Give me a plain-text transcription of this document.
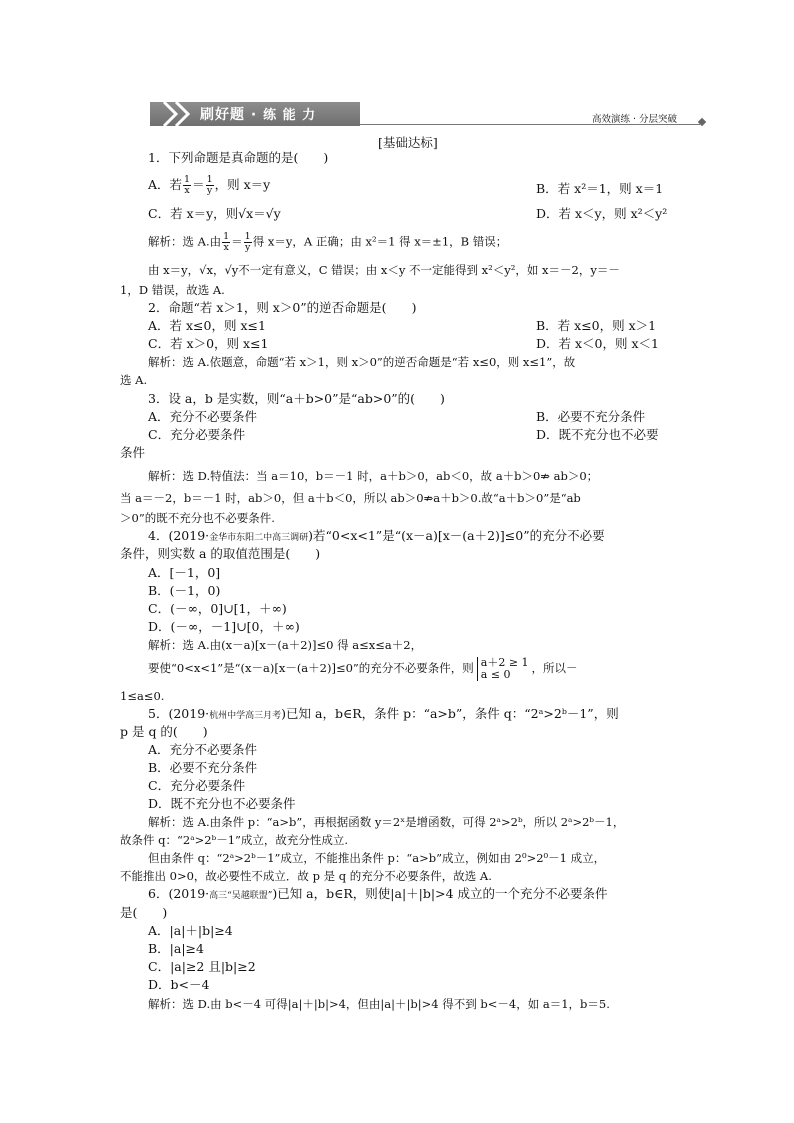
刷好题 · 练 能 力	高效演练 · 分层突破
[基础达标]
1．下列命题是真命题的是(　　)
A．若 $\frac{1}{x} = \frac{1}{y}$ ，则 x＝y	B．若 x²＝1，则 x＝1
C．若 x＝y，则√x＝√y	D．若 x＜y，则 x²＜y²
解析：选 A.由 $\frac{1}{x} = \frac{1}{y}$ 得 x＝y，A 正确；由 x²＝1 得 x＝±1，B 错误；
由 x＝y，√x，√y不一定有意义，C 错误；由 x＜y 不一定能得到 x²＜y²，如 x＝－2，y＝－
1，D 错误，故选 A.
2．命题“若 x＞1，则 x＞0”的逆否命题是(　　)
A．若 x≤0，则 x≤1	B．若 x≤0，则 x＞1
C．若 x＞0，则 x≤1	D．若 x＜0，则 x＜1
解析：选 A.依题意，命题“若 x＞1，则 x＞0”的逆否命题是“若 x≤0，则 x≤1”，故
选 A.
3．设 a，b 是实数，则“a＋b>0”是“ab>0”的(　　)
A．充分不必要条件	B．必要不充分条件
C．充分必要条件	D．既不充分也不必要
条件
解析：选 D.特值法：当 a＝10，b＝－1 时，a＋b＞0，ab＜0，故 a＋b＞0⇏ ab＞0；
当 a＝－2，b＝－1 时，ab＞0，但 a＋b＜0，所以 ab＞0⇏a＋b＞0.故“a＋b＞0”是“ab
＞0”的既不充分也不必要条件.
4．(2019·金华市东阳二中高三调研)若“0<x<1”是“(x－a)[x－(a＋2)]≤0”的充分不必要
条件，则实数 a 的取值范围是(　　)
A．[－1，0]
B．(－1，0)
C．(－∞，0]∪[1，＋∞)
D．(－∞，－1]∪[0，＋∞)
解析：选 A.由(x－a)[x－(a＋2)]≤0 得 a≤x≤a＋2，
要使“0<x<1”是“(x－a)[x－(a＋2)]≤0”的充分不必要条件，则 a＋2 ≥ 1
a ≤ 0	，所以－
1≤a≤0.
5．(2019·杭州中学高三月考)已知 a，b∈R，条件 p：“a>b”，条件 q：“2ᵃ>2ᵇ－1”，则
p 是 q 的(　　)
A．充分不必要条件
B．必要不充分条件
C．充分必要条件
D．既不充分也不必要条件
解析：选 A.由条件 p：“a>b”，再根据函数 y＝2ˣ是增函数，可得 2ᵃ>2ᵇ，所以 2ᵃ>2ᵇ－1，
故条件 q：“2ᵃ>2ᵇ－1”成立，故充分性成立.
但由条件 q：“2ᵃ>2ᵇ－1”成立，不能推出条件 p：“a>b”成立，例如由 2⁰>2⁰－1 成立，
不能推出 0>0，故必要性不成立．故 p 是 q 的充分不必要条件，故选 A.
6．(2019·高三“吴越联盟”)已知 a，b∈R，则使|a|＋|b|>4 成立的一个充分不必要条件
是(　　)
A．|a|＋|b|≥4
B．|a|≥4
C．|a|≥2 且|b|≥2
D．b<－4
解析：选 D.由 b<－4 可得|a|＋|b|>4，但由|a|＋|b|>4 得不到 b<－4，如 a＝1，b＝5.
